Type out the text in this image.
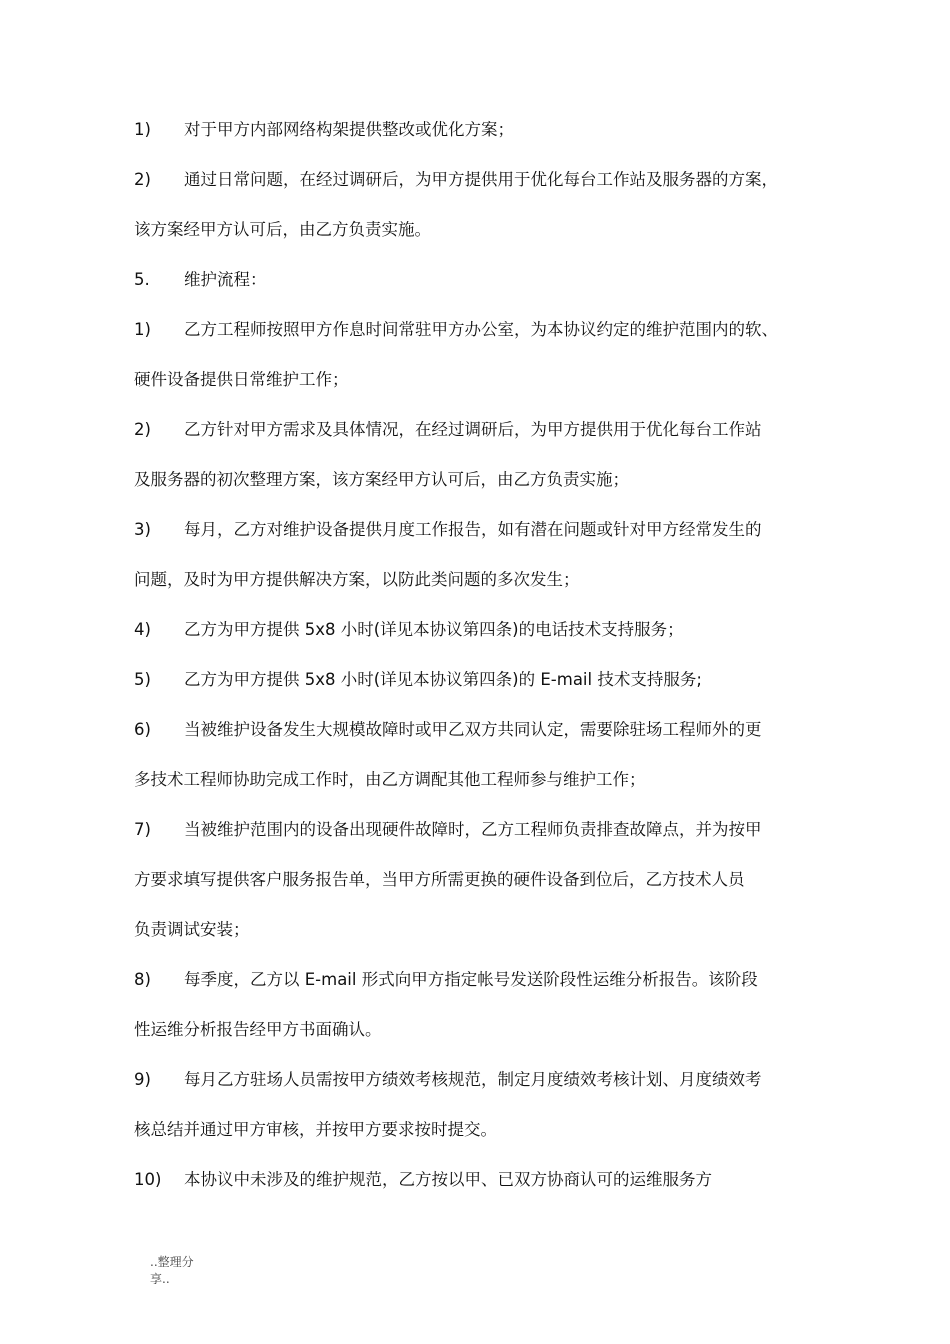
1)	对于甲方内部网络构架提供整改或优化方案；
2)	通过日常问题，在经过调研后，为甲方提供用于优化每台工作站及服务器的方案，
该方案经甲方认可后，由乙方负责实施。
5.	维护流程：
1)	乙方工程师按照甲方作息时间常驻甲方办公室，为本协议约定的维护范围内的软、
硬件设备提供日常维护工作；
2)	乙方针对甲方需求及具体情况，在经过调研后，为甲方提供用于优化每台工作站
及服务器的初次整理方案，该方案经甲方认可后，由乙方负责实施；
3)	每月，乙方对维护设备提供月度工作报告，如有潜在问题或针对甲方经常发生的
问题，及时为甲方提供解决方案，以防此类问题的多次发生；
4)	乙方为甲方提供 5x8 小时(详见本协议第四条)的电话技术支持服务；
5)	乙方为甲方提供 5x8 小时(详见本协议第四条)的 E-mail 技术支持服务;
6)	当被维护设备发生大规模故障时或甲乙双方共同认定，需要除驻场工程师外的更
多技术工程师协助完成工作时，由乙方调配其他工程师参与维护工作；
7)	当被维护范围内的设备出现硬件故障时，乙方工程师负责排查故障点，并为按甲
方要求填写提供客户服务报告单，当甲方所需更换的硬件设备到位后，乙方技术人员
负责调试安装；
8)	每季度，乙方以 E-mail 形式向甲方指定帐号发送阶段性运维分析报告。该阶段
性运维分析报告经甲方书面确认。
9)	每月乙方驻场人员需按甲方绩效考核规范，制定月度绩效考核计划、月度绩效考
核总结并通过甲方审核，并按甲方要求按时提交。
10)	本协议中未涉及的维护规范，乙方按以甲、已双方协商认可的运维服务方
..整理分
享..
